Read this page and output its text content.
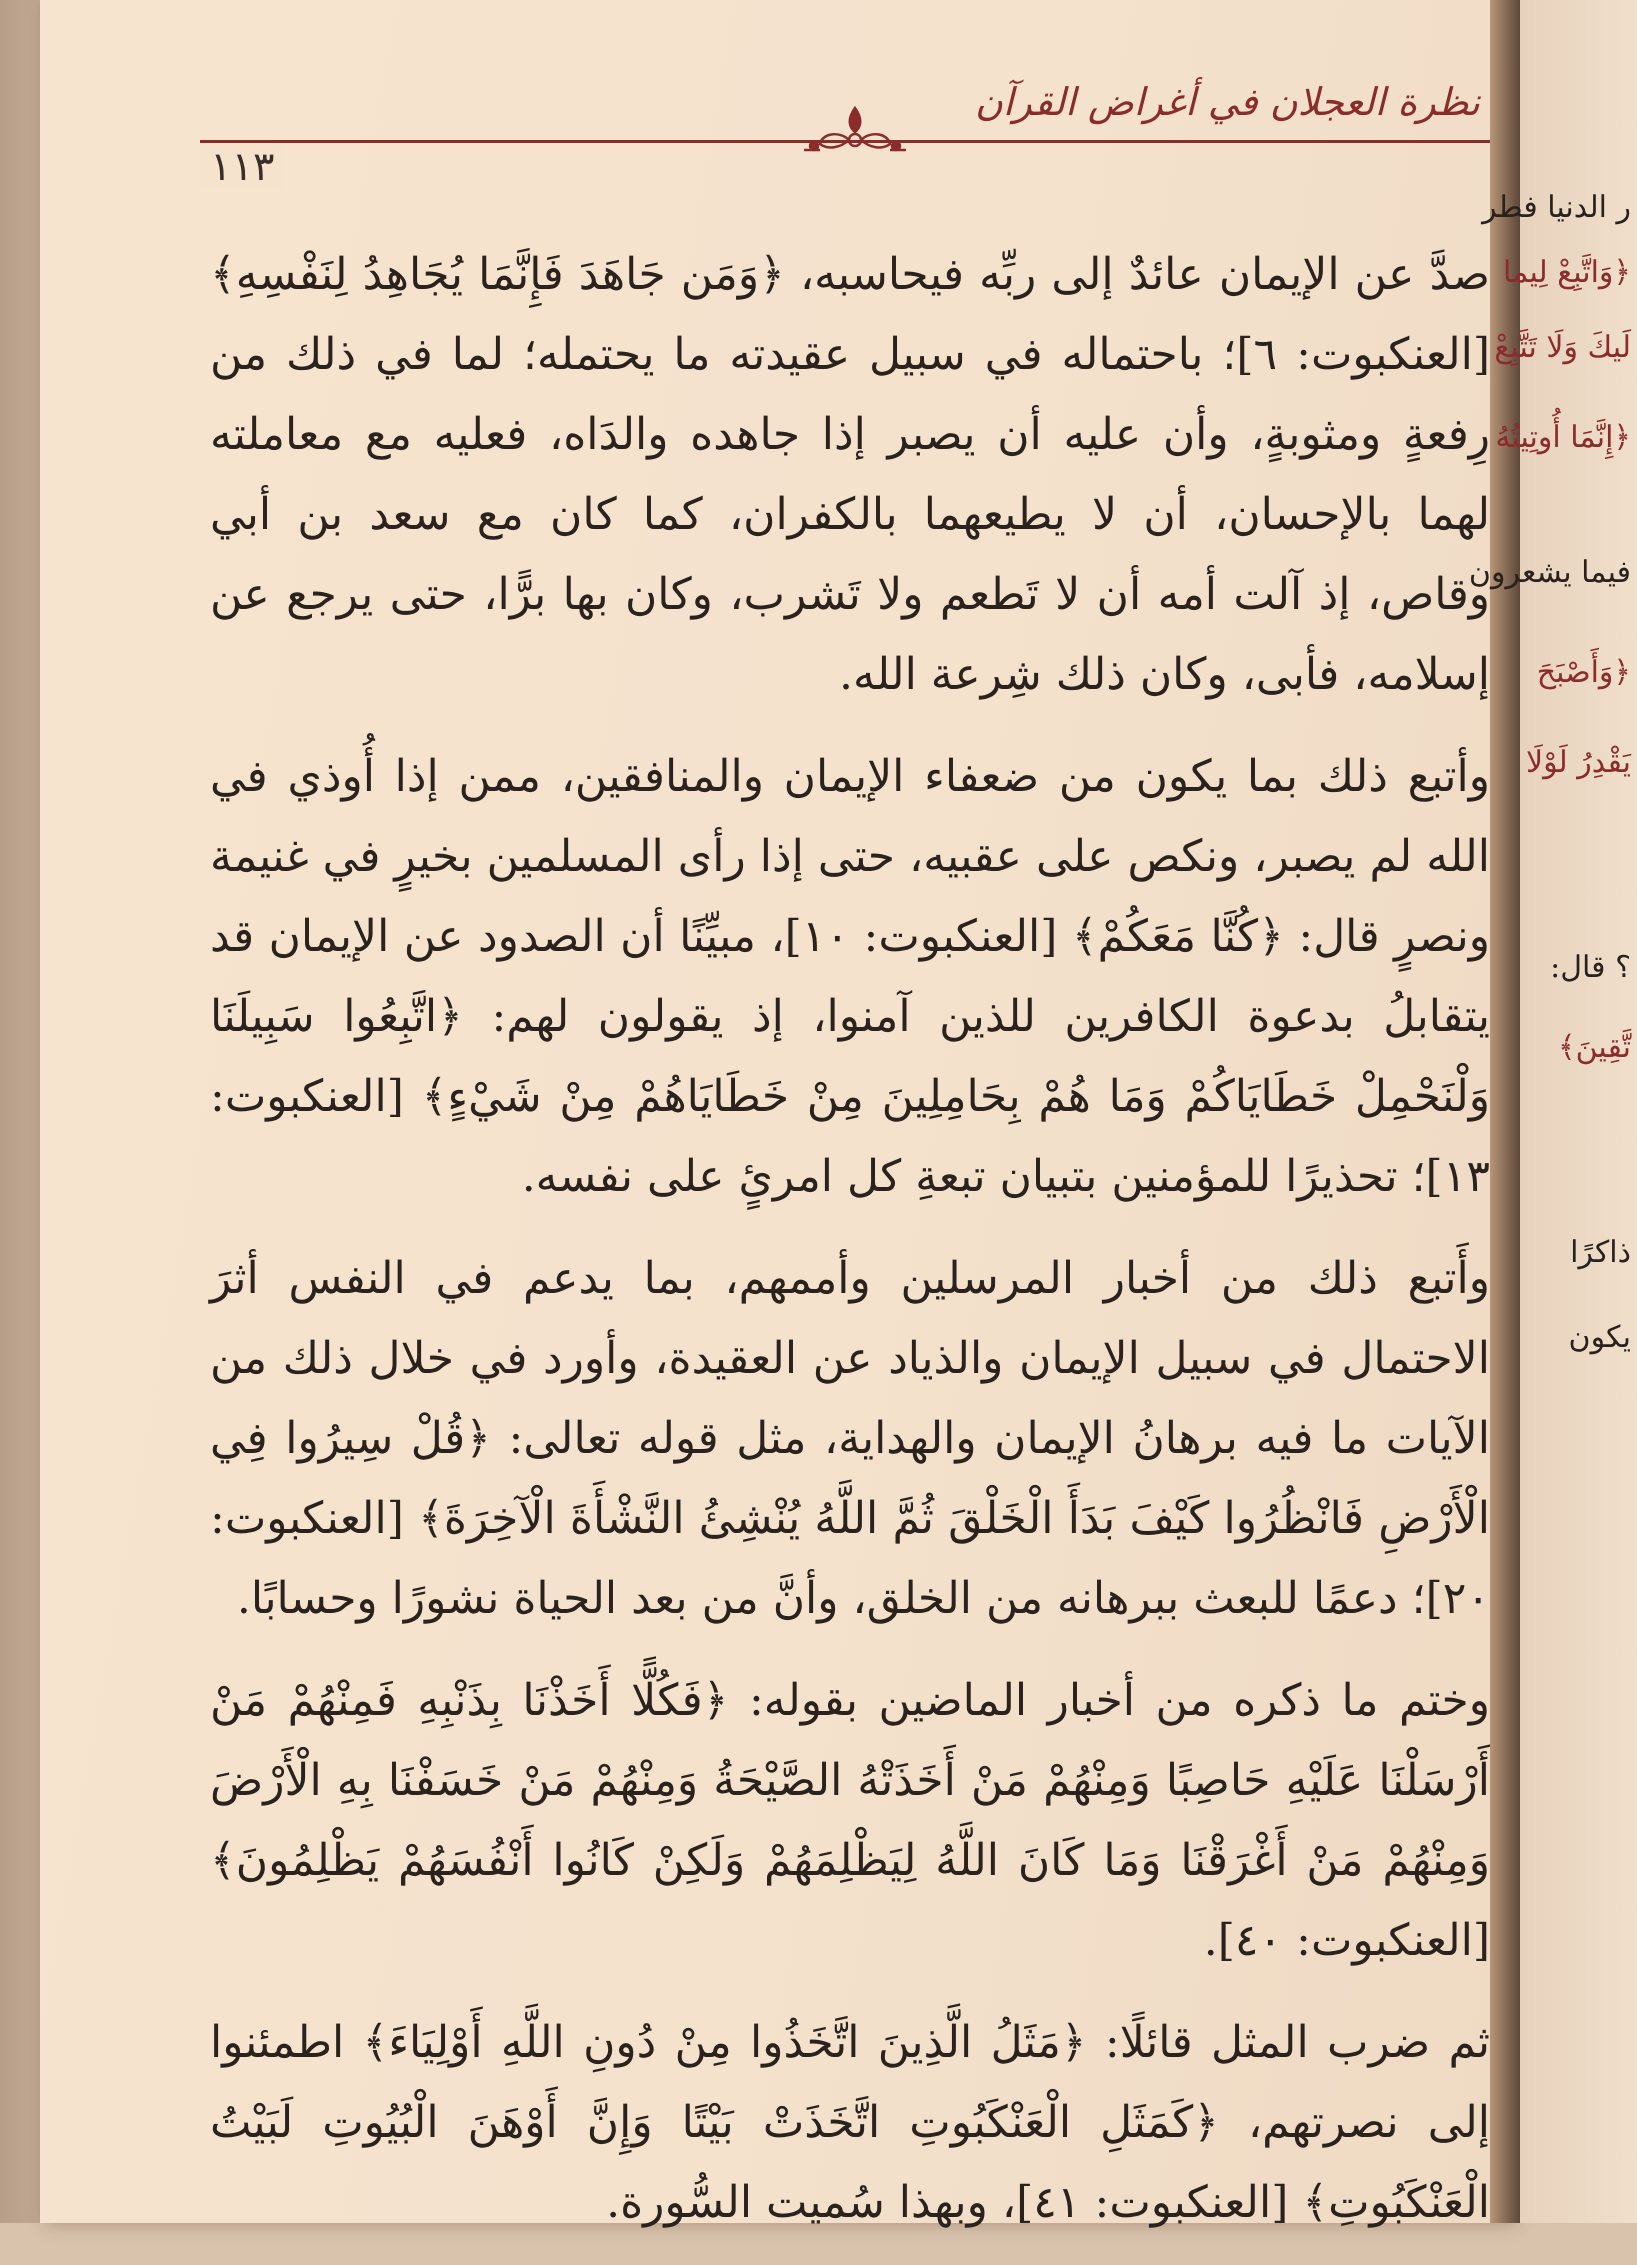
نظرة العجلان في أغراض القرآن
١١٣

صدَّ عن الإيمان عائدٌ إلى ربِّه فيحاسبه، ﴿وَمَن جَاهَدَ فَإِنَّمَا يُجَاهِدُ لِنَفْسِهِ﴾ [العنكبوت: ٦]؛ باحتماله في سبيل عقيدته ما يحتمله؛ لما في ذلك من رِفعةٍ ومثوبةٍ، وأن عليه أن يصبر إذا جاهده والدَاه، فعليه مع معاملته لهما بالإحسان، أن لا يطيعهما بالكفران، كما كان مع سعد بن أبي وقاص، إذ آلت أمه أن لا تَطعم ولا تَشرب، وكان بها برًّا، حتى يرجع عن إسلامه، فأبى، وكان ذلك شِرعة الله.

وأتبع ذلك بما يكون من ضعفاء الإيمان والمنافقين، ممن إذا أُوذي في الله لم يصبر، ونكص على عقبيه، حتى إذا رأى المسلمين بخيرٍ في غنيمة ونصرٍ قال: ﴿كُنَّا مَعَكُمْ﴾ [العنكبوت: ١٠]، مبيِّنًا أن الصدود عن الإيمان قد يتقابلُ بدعوة الكافرين للذين آمنوا، إذ يقولون لهم: ﴿اتَّبِعُوا سَبِيلَنَا وَلْنَحْمِلْ خَطَايَاكُمْ وَمَا هُمْ بِحَامِلِينَ مِنْ خَطَايَاهُمْ مِنْ شَيْءٍ﴾ [العنكبوت: ١٣]؛ تحذيرًا للمؤمنين بتبيان تبعةِ كل امرئٍ على نفسه.

وأَتبع ذلك من أخبار المرسلين وأممهم، بما يدعم في النفس أثرَ الاحتمال في سبيل الإيمان والذياد عن العقيدة، وأورد في خلال ذلك من الآيات ما فيه برهانُ الإيمان والهداية، مثل قوله تعالى: ﴿قُلْ سِيرُوا فِي الْأَرْضِ فَانْظُرُوا كَيْفَ بَدَأَ الْخَلْقَ ثُمَّ اللَّهُ يُنْشِئُ النَّشْأَةَ الْآخِرَةَ﴾ [العنكبوت: ٢٠]؛ دعمًا للبعث ببرهانه من الخلق، وأنَّ من بعد الحياة نشورًا وحسابًا.

وختم ما ذكره من أخبار الماضين بقوله: ﴿فَكُلًّا أَخَذْنَا بِذَنْبِهِ فَمِنْهُمْ مَنْ أَرْسَلْنَا عَلَيْهِ حَاصِبًا وَمِنْهُمْ مَنْ أَخَذَتْهُ الصَّيْحَةُ وَمِنْهُمْ مَنْ خَسَفْنَا بِهِ الْأَرْضَ وَمِنْهُمْ مَنْ أَغْرَقْنَا وَمَا كَانَ اللَّهُ لِيَظْلِمَهُمْ وَلَكِنْ كَانُوا أَنْفُسَهُمْ يَظْلِمُونَ﴾ [العنكبوت: ٤٠].

ثم ضرب المثل قائلًا: ﴿مَثَلُ الَّذِينَ اتَّخَذُوا مِنْ دُونِ اللَّهِ أَوْلِيَاءَ﴾ اطمئنوا إلى نصرتهم، ﴿كَمَثَلِ الْعَنْكَبُوتِ اتَّخَذَتْ بَيْتًا وَإِنَّ أَوْهَنَ الْبُيُوتِ لَبَيْتُ الْعَنْكَبُوتِ﴾ [العنكبوت: ٤١]، وبهذا سُميت السُّورة.

ر الدنيا فطر
﴿وَاتَّبِعْ لِيما
لَيكَ وَلَا تَتَّبِعْ
﴿إِنَّمَا أُوتِيتُهُ
فيما يشعرون
﴿وَأَصْبَحَ
يَقْدِرُ لَوْلَا
؟ قال:
تَّقِينَ﴾
ذاكرًا
يكون
